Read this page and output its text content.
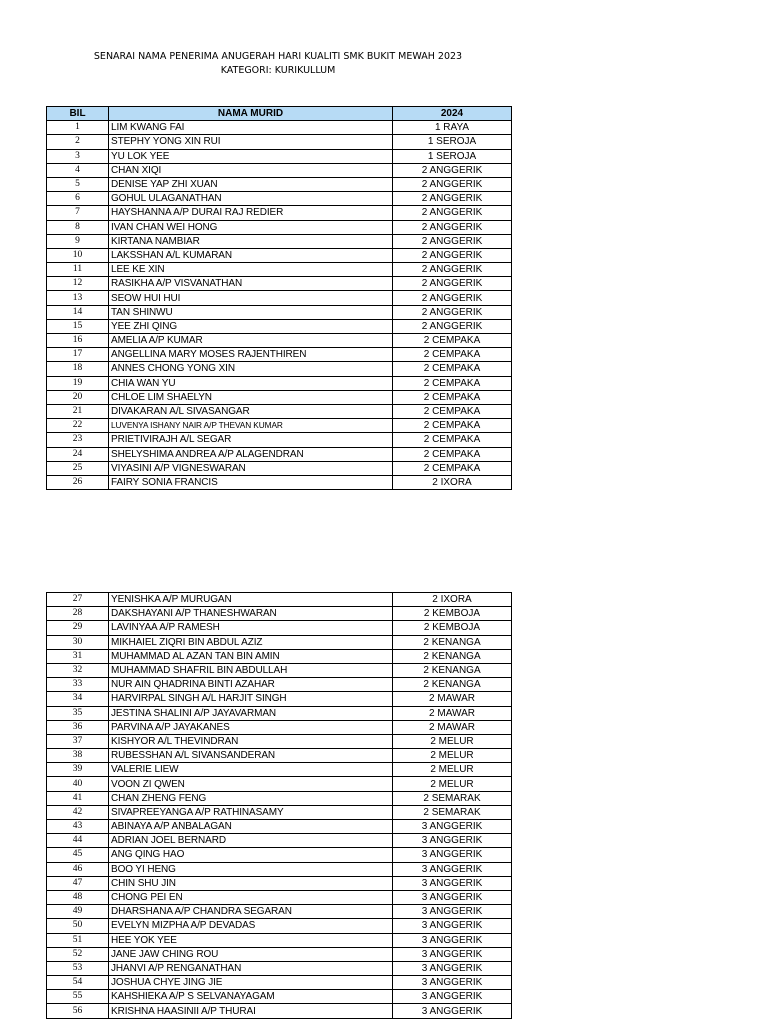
SENARAI NAMA PENERIMA ANUGERAH HARI KUALITI SMK BUKIT MEWAH 2023
KATEGORI: KURIKULLUM
BIL	NAMA MURID	2024
1	LIM KWANG FAI	1 RAYA
2	STEPHY YONG XIN RUI	1 SEROJA
3	YU LOK YEE	1 SEROJA
4	CHAN XIQI	2 ANGGERIK
5	DENISE YAP ZHI XUAN	2 ANGGERIK
6	GOHUL ULAGANATHAN	2 ANGGERIK
7	HAYSHANNA A/P DURAI RAJ REDIER	2 ANGGERIK
8	IVAN CHAN WEI HONG	2 ANGGERIK
9	KIRTANA NAMBIAR	2 ANGGERIK
10	LAKSSHAN A/L KUMARAN	2 ANGGERIK
11	LEE KE XIN	2 ANGGERIK
12	RASIKHA A/P VISVANATHAN	2 ANGGERIK
13	SEOW HUI HUI	2 ANGGERIK
14	TAN SHINWU	2 ANGGERIK
15	YEE ZHI QING	2 ANGGERIK
16	AMELIA A/P KUMAR	2 CEMPAKA
17	ANGELLINA MARY MOSES RAJENTHIREN	2 CEMPAKA
18	ANNES CHONG YONG XIN	2 CEMPAKA
19	CHIA WAN YU	2 CEMPAKA
20	CHLOE LIM SHAELYN	2 CEMPAKA
21	DIVAKARAN A/L SIVASANGAR	2 CEMPAKA
22	LUVENYA ISHANY NAIR A/P THEVAN KUMAR	2 CEMPAKA
23	PRIETIVIRAJH A/L SEGAR	2 CEMPAKA
24	SHELYSHIMA ANDREA A/P ALAGENDRAN	2 CEMPAKA
25	VIYASINI A/P VIGNESWARAN	2 CEMPAKA
26	FAIRY SONIA FRANCIS	2 IXORA
27	YENISHKA A/P MURUGAN	2 IXORA
28	DAKSHAYANI A/P THANESHWARAN	2 KEMBOJA
29	LAVINYAA A/P RAMESH	2 KEMBOJA
30	MIKHAIEL ZIQRI BIN ABDUL AZIZ	2 KENANGA
31	MUHAMMAD AL AZAN TAN BIN AMIN	2 KENANGA
32	MUHAMMAD SHAFRIL BIN ABDULLAH	2 KENANGA
33	NUR AIN QHADRINA BINTI AZAHAR	2 KENANGA
34	HARVIRPAL SINGH A/L HARJIT SINGH	2 MAWAR
35	JESTINA SHALINI A/P JAYAVARMAN	2 MAWAR
36	PARVINA A/P JAYAKANES	2 MAWAR
37	KISHYOR A/L THEVINDRAN	2 MELUR
38	RUBESSHAN A/L SIVANSANDERAN	2 MELUR
39	VALERIE LIEW	2 MELUR
40	VOON ZI QWEN	2 MELUR
41	CHAN ZHENG FENG	2 SEMARAK
42	SIVAPREEYANGA A/P RATHINASAMY	2 SEMARAK
43	ABINAYA A/P ANBALAGAN	3 ANGGERIK
44	ADRIAN JOEL BERNARD	3 ANGGERIK
45	ANG QING HAO	3 ANGGERIK
46	BOO YI HENG	3 ANGGERIK
47	CHIN SHU JIN	3 ANGGERIK
48	CHONG PEI EN	3 ANGGERIK
49	DHARSHANA A/P CHANDRA SEGARAN	3 ANGGERIK
50	EVELYN MIZPHA A/P DEVADAS	3 ANGGERIK
51	HEE YOK YEE	3 ANGGERIK
52	JANE JAW CHING ROU	3 ANGGERIK
53	JHANVI A/P RENGANATHAN	3 ANGGERIK
54	JOSHUA CHYE JING JIE	3 ANGGERIK
55	KAHSHIEKA A/P S SELVANAYAGAM	3 ANGGERIK
56	KRISHNA HAASINII A/P THURAI	3 ANGGERIK
